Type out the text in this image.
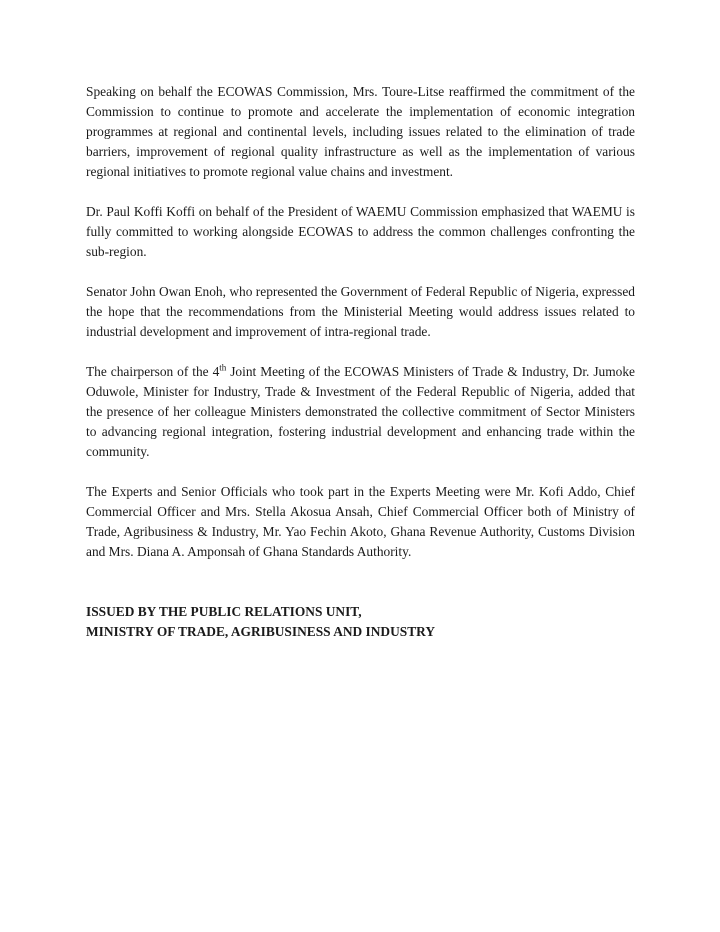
Speaking on behalf the ECOWAS Commission, Mrs. Toure-Litse reaffirmed the commitment of the Commission to continue to promote and accelerate the implementation of economic integration programmes at regional and continental levels, including issues related to the elimination of trade barriers, improvement of regional quality infrastructure as well as the implementation of various regional initiatives to promote regional value chains and investment.

Dr. Paul Koffi Koffi on behalf of the President of WAEMU Commission emphasized that WAEMU is fully committed to working alongside ECOWAS to address the common challenges confronting the sub-region.

Senator John Owan Enoh, who represented the Government of Federal Republic of Nigeria, expressed the hope that the recommendations from the Ministerial Meeting would address issues related to industrial development and improvement of intra-regional trade.

The chairperson of the 4th Joint Meeting of the ECOWAS Ministers of Trade & Industry, Dr. Jumoke Oduwole, Minister for Industry, Trade & Investment of the Federal Republic of Nigeria, added that the presence of her colleague Ministers demonstrated the collective commitment of Sector Ministers to advancing regional integration, fostering industrial development and enhancing trade within the community.

The Experts and Senior Officials who took part in the Experts Meeting were Mr. Kofi Addo, Chief Commercial Officer and Mrs. Stella Akosua Ansah, Chief Commercial Officer both of Ministry of Trade, Agribusiness & Industry, Mr. Yao Fechin Akoto, Ghana Revenue Authority, Customs Division and Mrs. Diana A. Amponsah of Ghana Standards Authority.

ISSUED BY THE PUBLIC RELATIONS UNIT,
MINISTRY OF TRADE, AGRIBUSINESS AND INDUSTRY
